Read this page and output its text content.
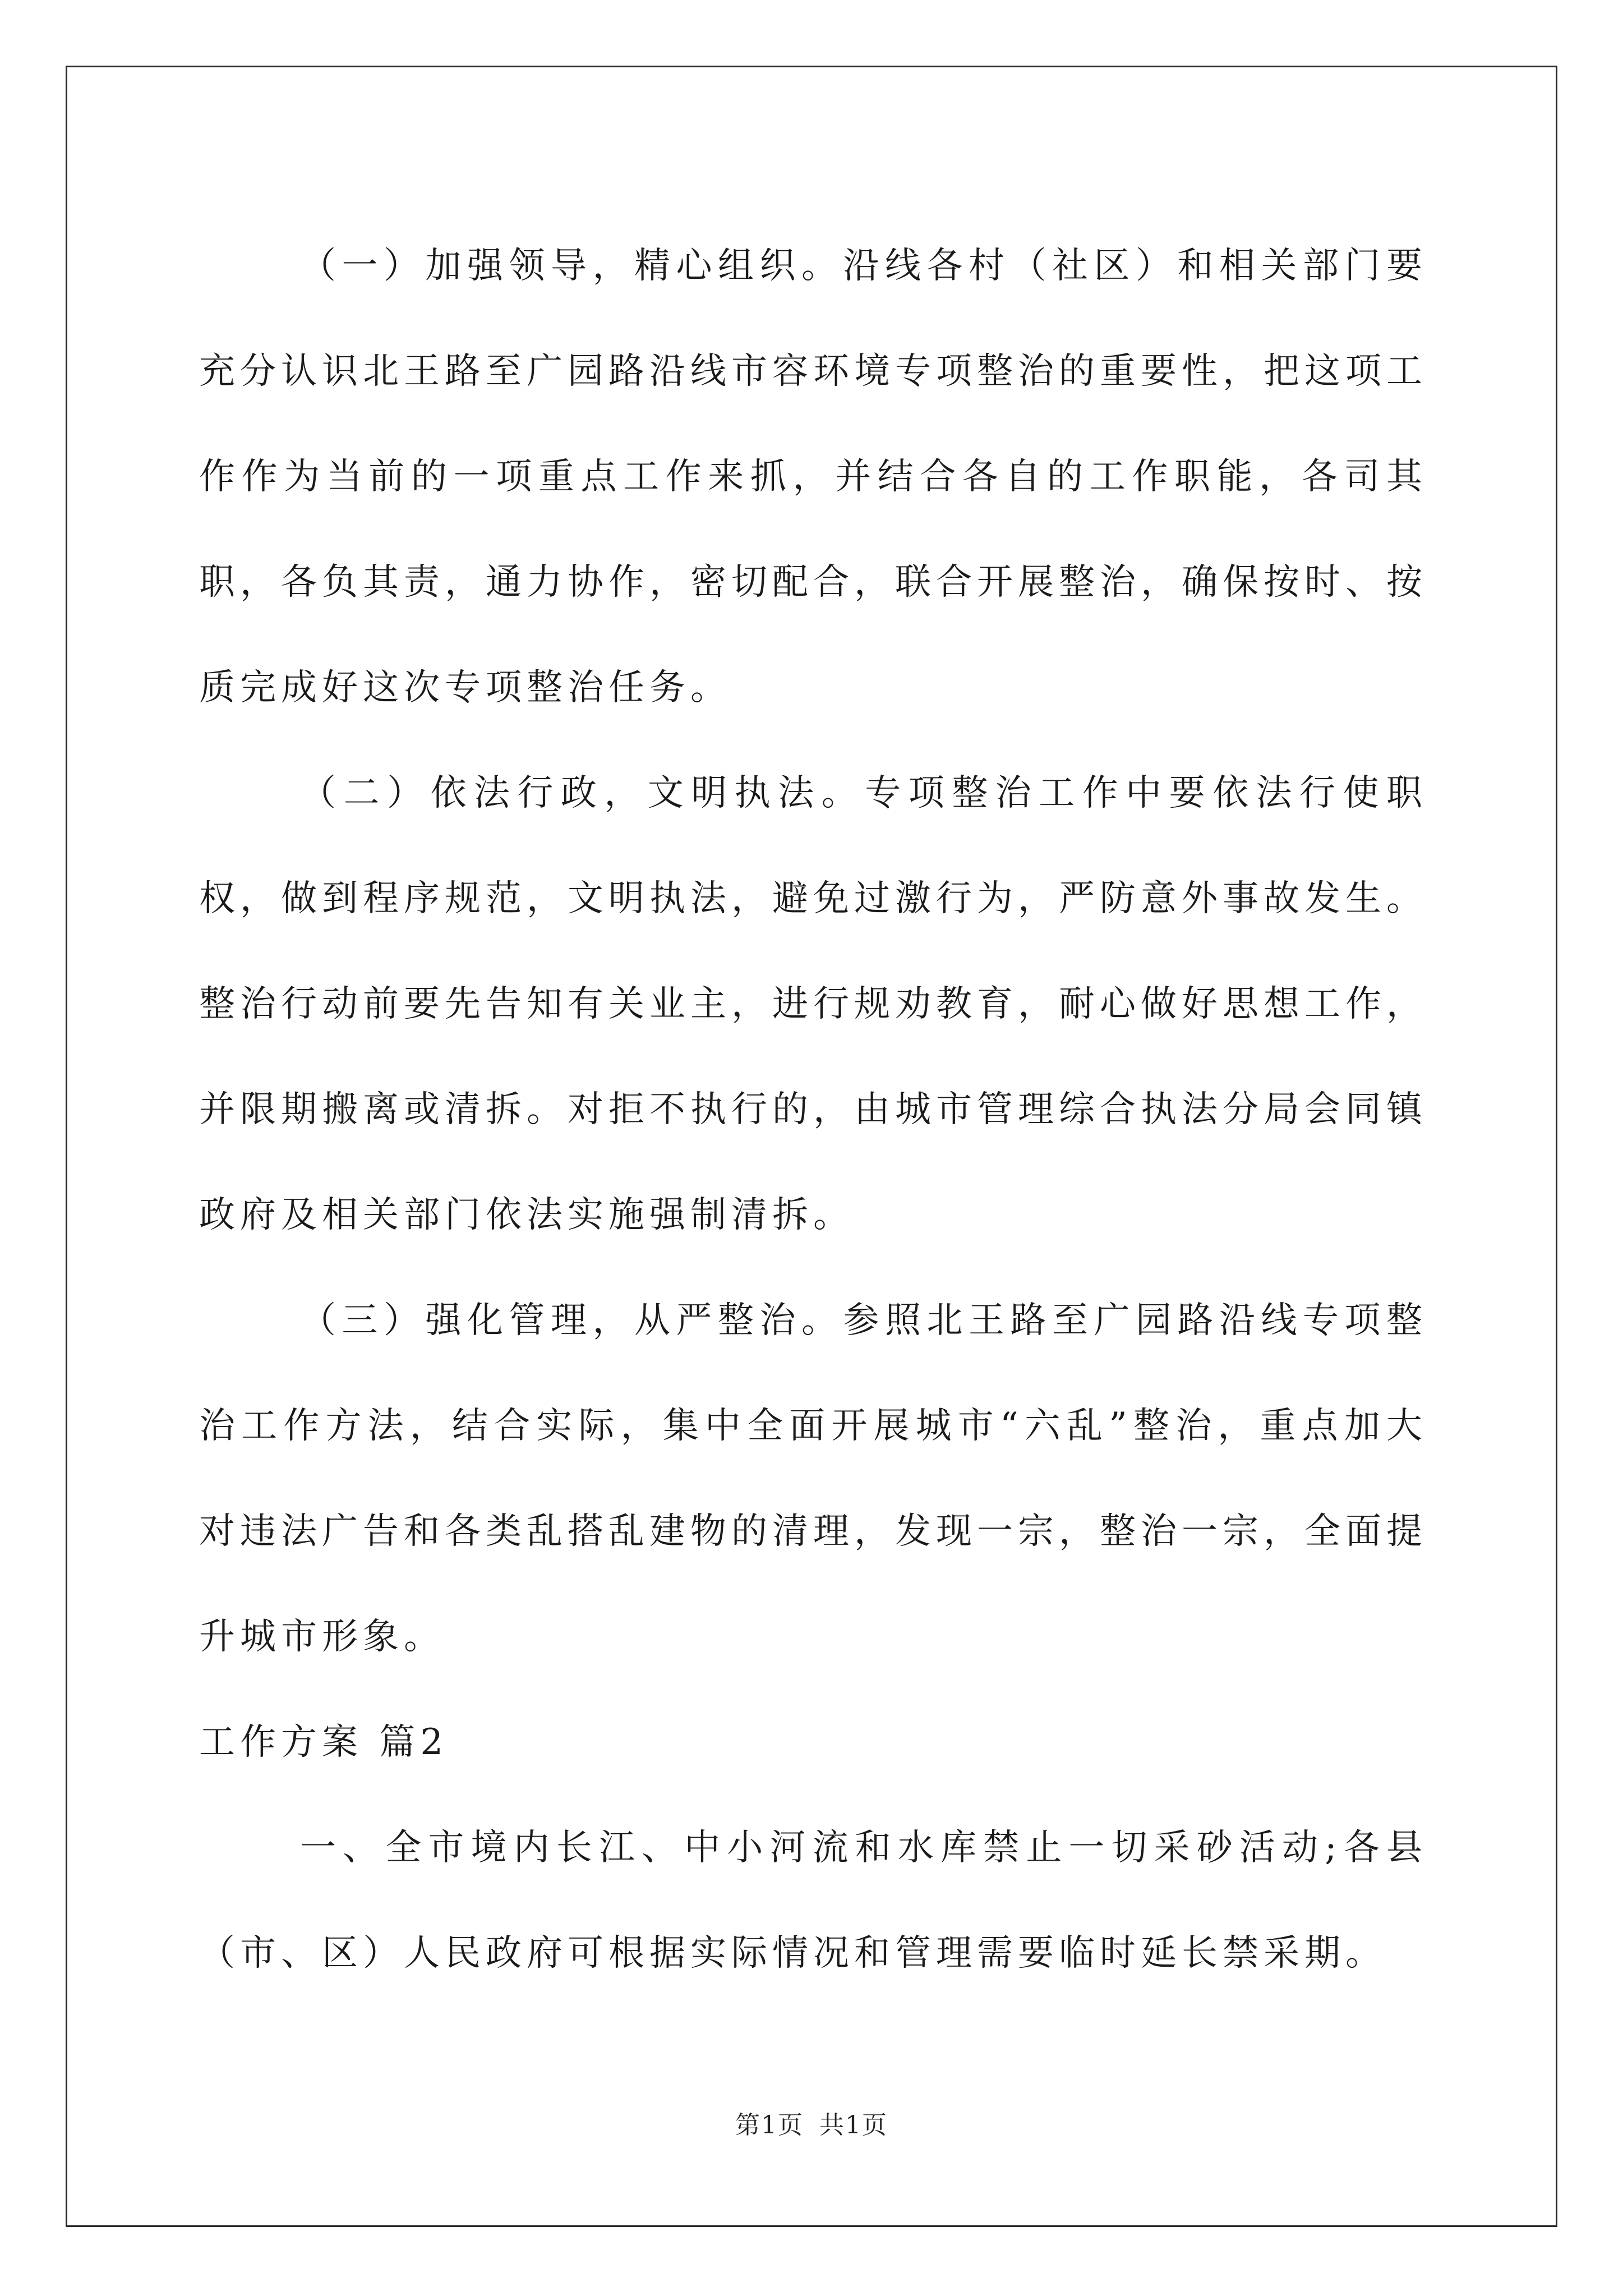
（一）加强领导，精心组织。沿线各村（社区）和相关部门要充分认识北王路至广园路沿线市容环境专项整治的重要性，把这项工作作为当前的一项重点工作来抓，并结合各自的工作职能，各司其职，各负其责，通力协作，密切配合，联合开展整治，确保按时、按质完成好这次专项整治任务。

（二）依法行政，文明执法。专项整治工作中要依法行使职权，做到程序规范，文明执法，避免过激行为，严防意外事故发生。整治行动前要先告知有关业主，进行规劝教育，耐心做好思想工作，并限期搬离或清拆。对拒不执行的，由城市管理综合执法分局会同镇政府及相关部门依法实施强制清拆。

（三）强化管理，从严整治。参照北王路至广园路沿线专项整治工作方法，结合实际，集中全面开展城市“六乱”整治，重点加大对违法广告和各类乱搭乱建物的清理，发现一宗，整治一宗，全面提升城市形象。

工作方案 篇2

一、全市境内长江、中小河流和水库禁止一切采砂活动;各县（市、区）人民政府可根据实际情况和管理需要临时延长禁采期。

第1页 共1页
